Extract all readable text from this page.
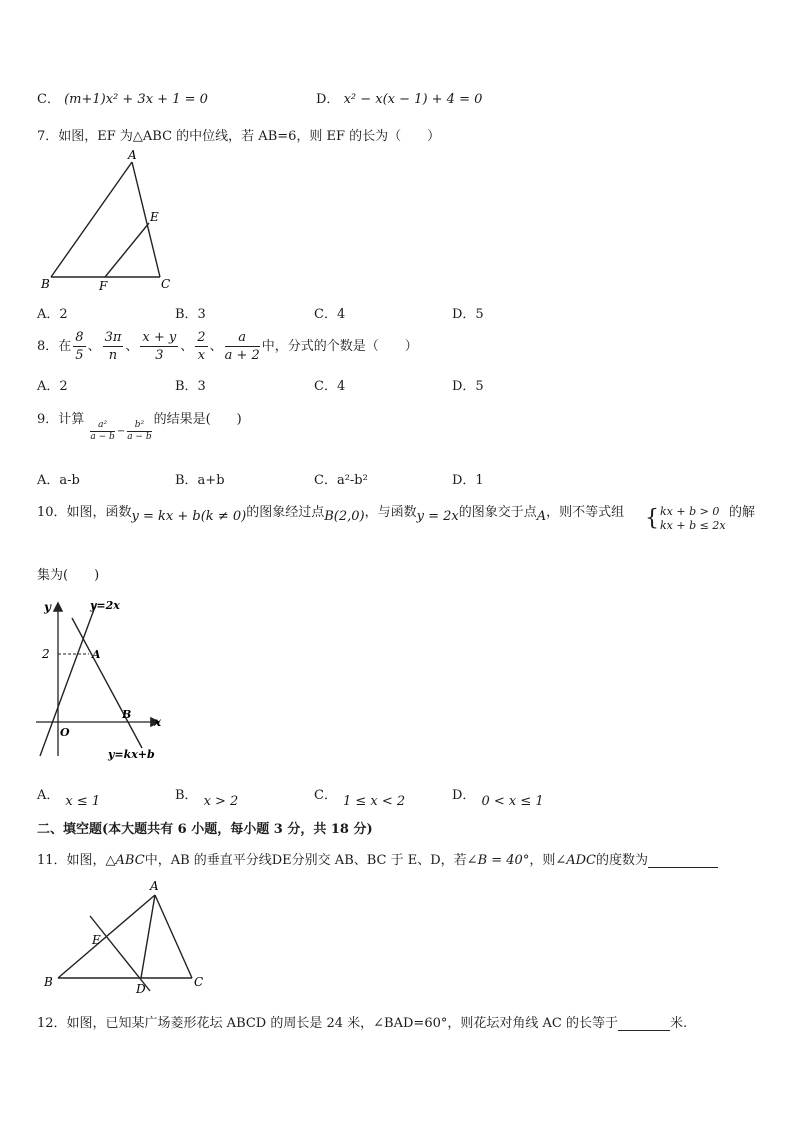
C． (m+1)x² + 3x + 1 = 0	D． x² − x(x − 1) + 4 = 0
7．如图，EF 为△ABC 的中位线，若 AB=6，则 EF 的长为（　　）
A
E
B	F	C
A．2	B．3	C．4	D．5
8．在 $\frac{8}{5}$ 、 $\frac{3\pi}{n}$ 、 $\frac{x + y}{3}$ 、 $\frac{2}{x}$ 、 $\frac{a}{a + 2}$ 中，分式的个数是（　　）
A．2	B．3	C．4	D．5
9．计算
$\frac{\text{a²}}{a - b} _- \frac{\text{b²}}{a - b}$
的结果是(　　)
A．a-b	B．a+b	C．a²-b²	D．1
10．如图，函数y = kx + b(k ≠ 0)的图象经过点B(2,0)，与函数y = 2x的图象交于点A，则不等式组 { kx + b > 0
kx + b ≤ 2x
的解
集为(　　)
y	y=2x
2	A
B
x
O
y=kx+b
A． x ≤ 1	B． x > 2	C． 1 ≤ x < 2	D． 0 < x ≤ 1
二、填空题(本大题共有 6 小题，每小题 3 分，共 18 分)
11．如图，△ABC中，AB 的垂直平分线DE分别交 AB、BC 于 E、D，若∠B = 40°，则∠ADC的度数为
A
E
B	D	C
12．如图，已知某广场菱形花坛 ABCD 的周长是 24 米，∠BAD=60°，则花坛对角线 AC 的长等于	米.
